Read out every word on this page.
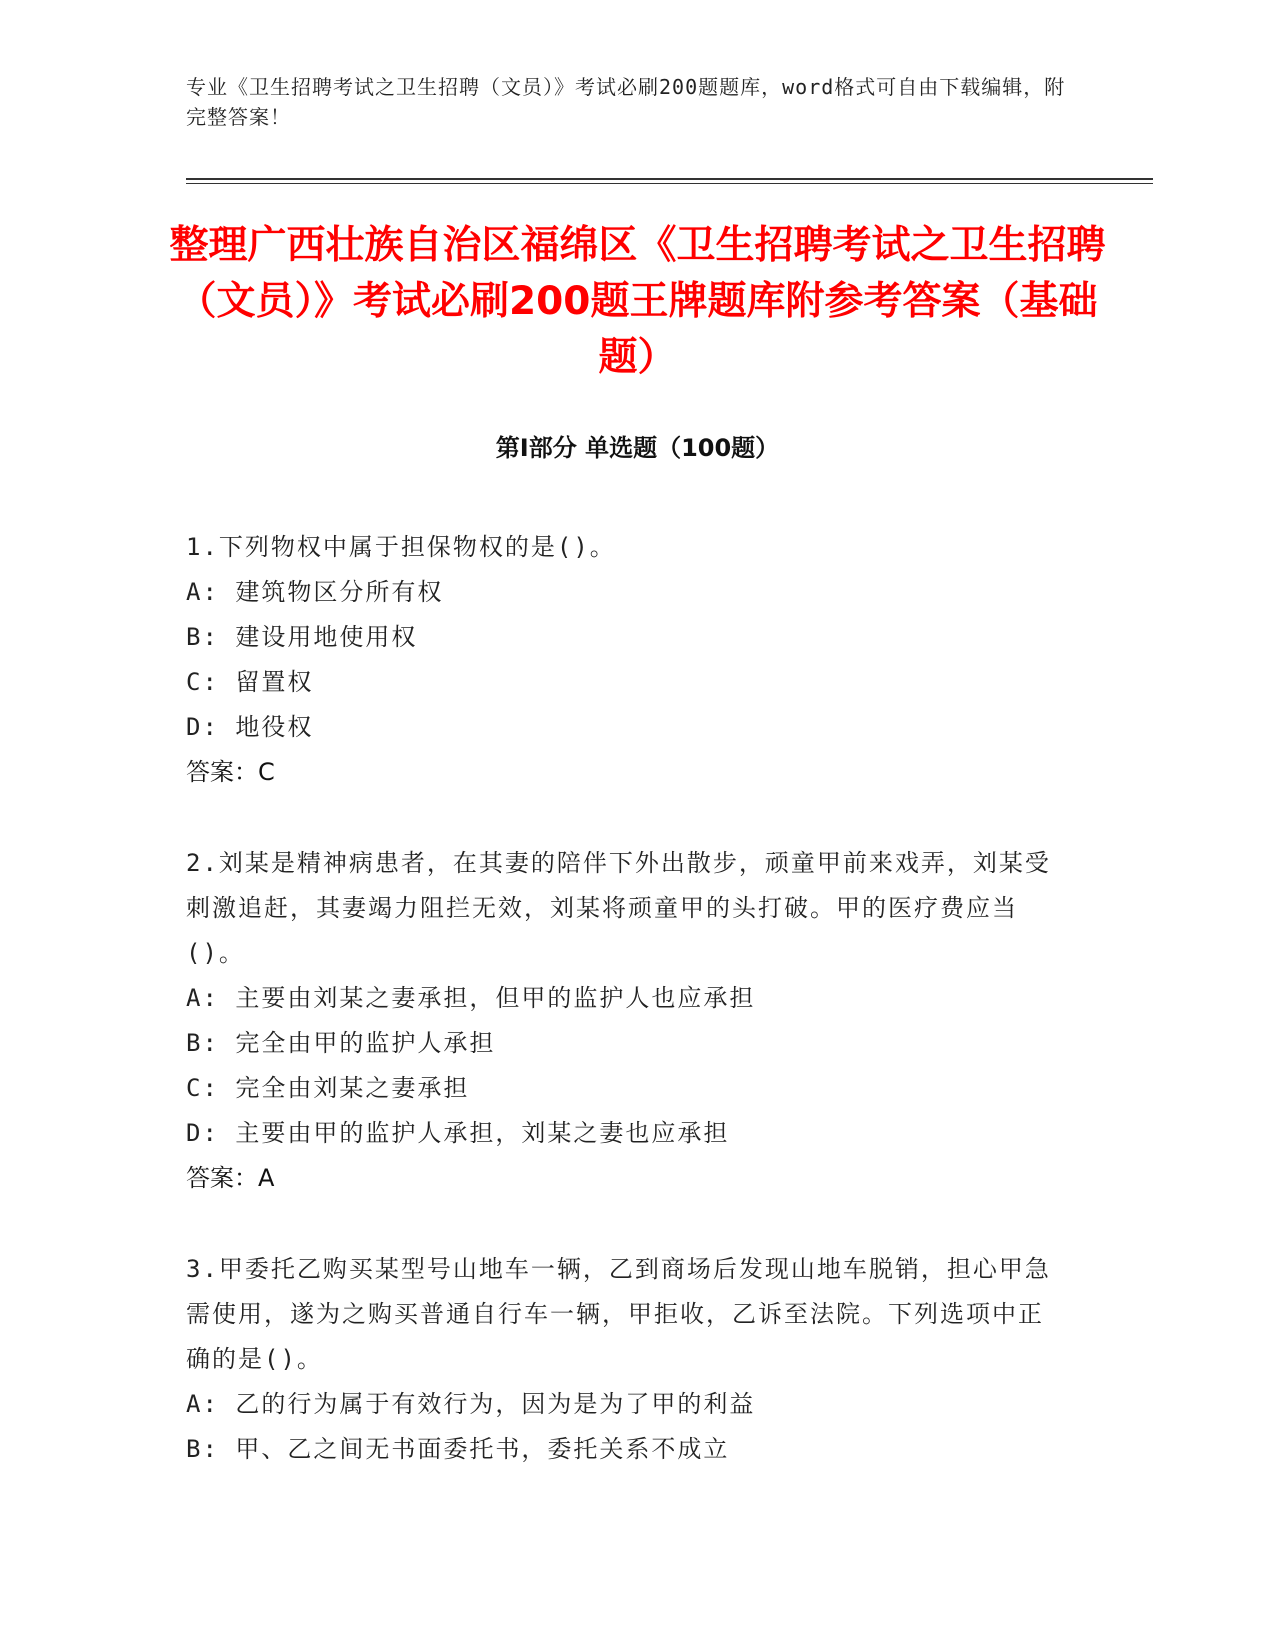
专业《卫生招聘考试之卫生招聘（文员）》考试必刷200题题库，word格式可自由下载编辑，附完整答案！
整理广西壮族自治区福绵区《卫生招聘考试之卫生招聘（文员）》考试必刷200题王牌题库附参考答案（基础题）
第I部分 单选题（100题）
1.下列物权中属于担保物权的是()。
A: 建筑物区分所有权
B: 建设用地使用权
C: 留置权
D: 地役权
答案：C
2.刘某是精神病患者，在其妻的陪伴下外出散步，顽童甲前来戏弄，刘某受刺激追赶，其妻竭力阻拦无效，刘某将顽童甲的头打破。甲的医疗费应当()。
A: 主要由刘某之妻承担，但甲的监护人也应承担
B: 完全由甲的监护人承担
C: 完全由刘某之妻承担
D: 主要由甲的监护人承担，刘某之妻也应承担
答案：A
3.甲委托乙购买某型号山地车一辆，乙到商场后发现山地车脱销，担心甲急需使用，遂为之购买普通自行车一辆，甲拒收，乙诉至法院。下列选项中正确的是()。
A: 乙的行为属于有效行为，因为是为了甲的利益
B: 甲、乙之间无书面委托书，委托关系不成立
